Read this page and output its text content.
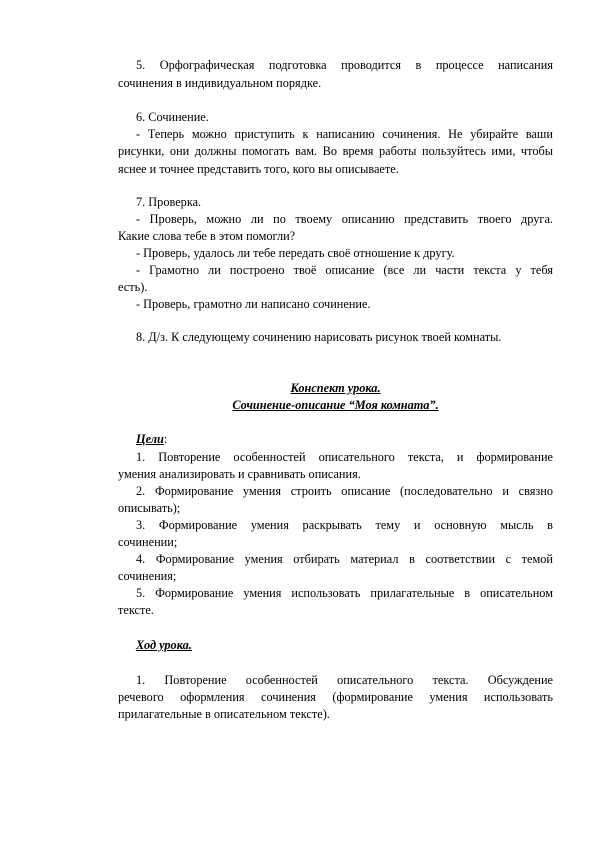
5. Орфографическая подготовка проводится в процессе написания
сочинения в индивидуальном порядке.
6. Сочинение.
- Теперь можно приступить к написанию сочинения. Не убирайте ваши
рисунки, они должны помогать вам. Во время работы пользуйтесь ими, чтобы
яснее и точнее представить того, кого вы описываете.
7. Проверка.
- Проверь, можно ли по твоему описанию представить твоего друга.
Какие слова тебе в этом помогли?
- Проверь, удалось ли тебе передать своё отношение к другу.
- Грамотно ли построено твоё описание (все ли части текста у тебя
есть).
- Проверь, грамотно ли написано сочинение.
8. Д/з. К следующему сочинению нарисовать рисунок твоей комнаты.
Конспект урока.
Сочинение-описание “Моя комната”.
Цели:
1. Повторение особенностей описательного текста, и формирование
умения анализировать и сравнивать описания.
2. Формирование умения строить описание (последовательно и связно
описывать);
3. Формирование умения раскрывать тему и основную мысль в
сочинении;
4. Формирование умения отбирать материал в соответствии с темой
сочинения;
5. Формирование умения использовать прилагательные в описательном
тексте.
Ход урока.
1. Повторение особенностей описательного текста. Обсуждение
речевого оформления сочинения (формирование умения использовать
прилагательные в описательном тексте).
